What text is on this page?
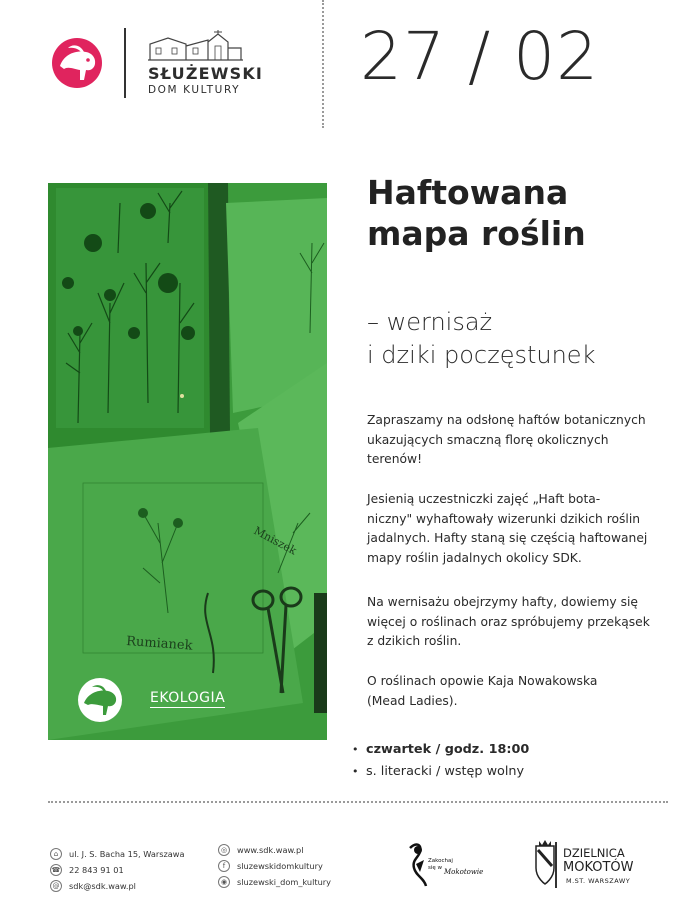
SŁUŻEWSKI
DOM KULTURY 27 / 02
Rumianek
Mniszek
EKOLOGIA
Haftowana
mapa roślin
– wernisaż
i dziki poczęstunek
Zapraszamy na odsłonę haftów botanicznych
ukazujących smaczną florę okolicznych
terenów!
Jesienią uczestniczki zajęć „Haft bota-
niczny" wyhaftowały wizerunki dzikich roślin
jadalnych. Hafty staną się częścią haftowanej
mapy roślin jadalnych okolicy SDK.
Na wernisażu obejrzymy hafty, dowiemy się
więcej o roślinach oraz spróbujemy przekąsek
z dzikich roślin.
O roślinach opowie Kaja Nowakowska
(Mead Ladies).
• czwartek / godz. 18:00
• s. literacki / wstęp wolny
⌂	ul. J. S. Bacha 15, Warszawa
☎ 22 843 91 01
@	sdk@sdk.waw.pl
◎	www.sdk.waw.pl
f	sluzewskidomkultury
◉	sluzewski_dom_kultury
Zakochaj
się w Mokotowie
DZIELNICA
MOKOTÓW
M.ST. WARSZAWY
